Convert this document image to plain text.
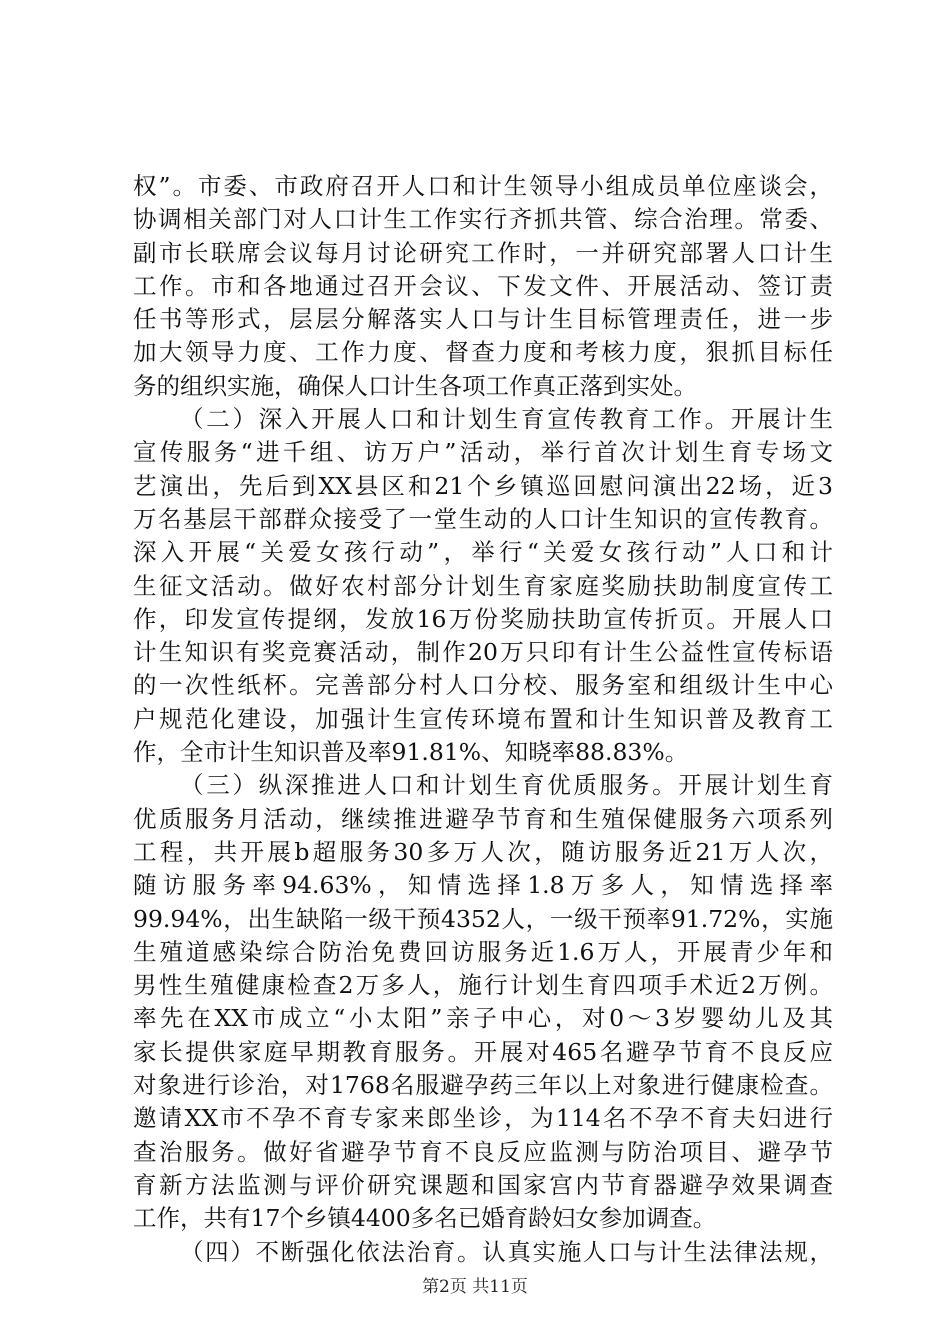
权”。市委、市政府召开人口和计生领导小组成员单位座谈会，
协调相关部门对人口计生工作实行齐抓共管、综合治理。常委、
副市长联席会议每月讨论研究工作时，一并研究部署人口计生
工作。市和各地通过召开会议、下发文件、开展活动、签订责
任书等形式，层层分解落实人口与计生目标管理责任，进一步
加大领导力度、工作力度、督查力度和考核力度，狠抓目标任
务的组织实施，确保人口计生各项工作真正落到实处。
（二）深入开展人口和计划生育宣传教育工作。开展计生
宣传服务“进千组、访万户”活动，举行首次计划生育专场文
艺演出，先后到XX县区和21个乡镇巡回慰问演出22场，近3
万名基层干部群众接受了一堂生动的人口计生知识的宣传教育。
深入开展“关爱女孩行动”，举行“关爱女孩行动”人口和计
生征文活动。做好农村部分计划生育家庭奖励扶助制度宣传工
作，印发宣传提纲，发放16万份奖励扶助宣传折页。开展人口
计生知识有奖竞赛活动，制作20万只印有计生公益性宣传标语
的一次性纸杯。完善部分村人口分校、服务室和组级计生中心
户规范化建设，加强计生宣传环境布置和计生知识普及教育工
作，全市计生知识普及率91.81%、知晓率88.83%。
（三）纵深推进人口和计划生育优质服务。开展计划生育
优质服务月活动，继续推进避孕节育和生殖保健服务六项系列
工程，共开展b超服务30多万人次，随访服务近21万人次，
随访服务率94.63%，知情选择1.8万多人，知情选择率
99.94%，出生缺陷一级干预4352人，一级干预率91.72%，实施
生殖道感染综合防治免费回访服务近1.6万人，开展青少年和
男性生殖健康检查2万多人，施行计划生育四项手术近2万例。
率先在XX市成立“小太阳”亲子中心，对0～3岁婴幼儿及其
家长提供家庭早期教育服务。开展对465名避孕节育不良反应
对象进行诊治，对1768名服避孕药三年以上对象进行健康检查。
邀请XX市不孕不育专家来郎坐诊，为114名不孕不育夫妇进行
查治服务。做好省避孕节育不良反应监测与防治项目、避孕节
育新方法监测与评价研究课题和国家宫内节育器避孕效果调查
工作，共有17个乡镇4400多名已婚育龄妇女参加调查。
（四）不断强化依法治育。认真实施人口与计生法律法规，
第2页 共11页
